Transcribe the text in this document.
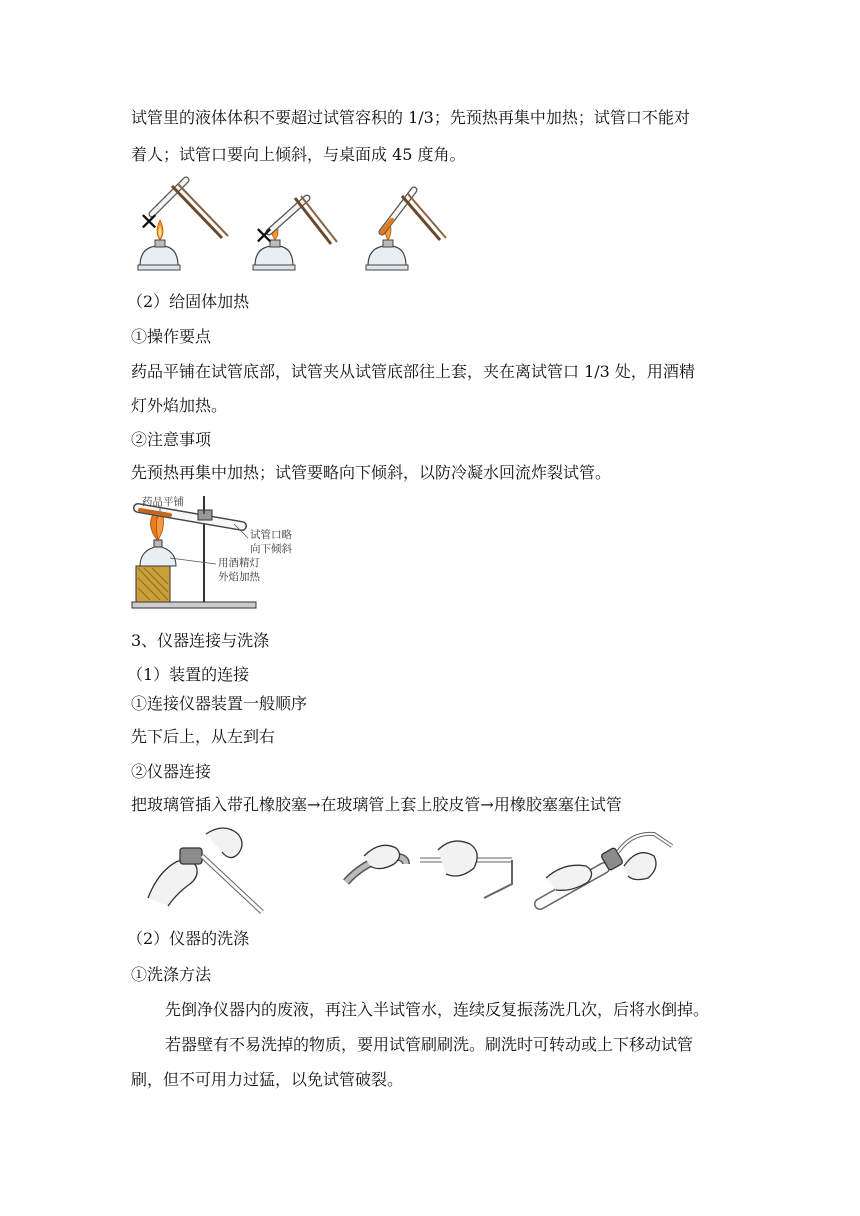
试管里的液体体积不要超过试管容积的 1/3；先预热再集中加热；试管口不能对
着人；试管口要向上倾斜，与桌面成 45 度角。
✕	✕
（2）给固体加热
①操作要点
药品平铺在试管底部，试管夹从试管底部往上套，夹在离试管口 1/3 处，用酒精
灯外焰加热。
②注意事项
先预热再集中加热；试管要略向下倾斜，以防冷凝水回流炸裂试管。
药品平铺
试管口略
向下倾斜
用酒精灯
外焰加热
3、仪器连接与洗涤
（1）装置的连接
①连接仪器装置一般顺序
先下后上，从左到右
②仪器连接
把玻璃管插入带孔橡胶塞→在玻璃管上套上胶皮管→用橡胶塞塞住试管
（2）仪器的洗涤
①洗涤方法
先倒净仪器内的废液，再注入半试管水，连续反复振荡洗几次，后将水倒掉。
若器壁有不易洗掉的物质，要用试管刷刷洗。刷洗时可转动或上下移动试管
刷，但不可用力过猛，以免试管破裂。
